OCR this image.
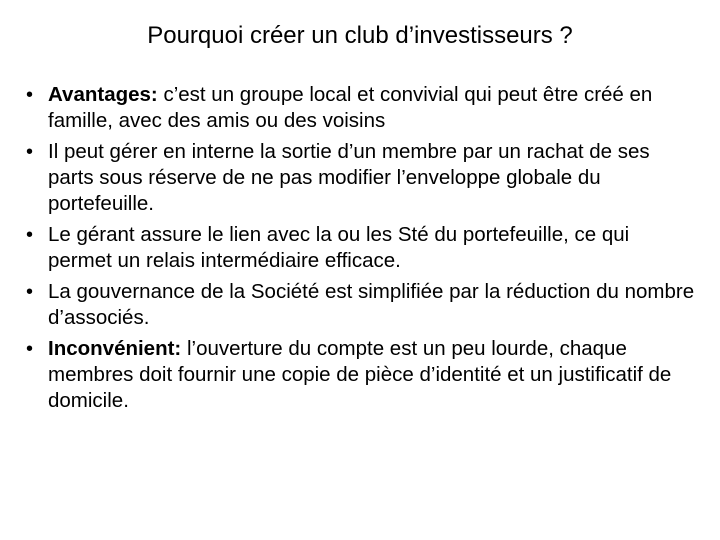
Pourquoi créer un club d’investisseurs ?
• Avantages: c’est un groupe local et convivial qui peut être créé en famille, avec des amis ou des voisins
• Il peut gérer en interne la sortie d’un membre par un rachat de ses parts sous réserve de ne pas modifier l’enveloppe globale du portefeuille.
• Le gérant assure le lien avec la ou les Sté du portefeuille, ce qui permet un relais intermédiaire efficace.
• La gouvernance de la Société est simplifiée par la réduction du nombre d’associés.
• Inconvénient: l’ouverture du compte est un peu lourde, chaque membres doit fournir une copie de pièce d’identité et un justificatif de domicile.
